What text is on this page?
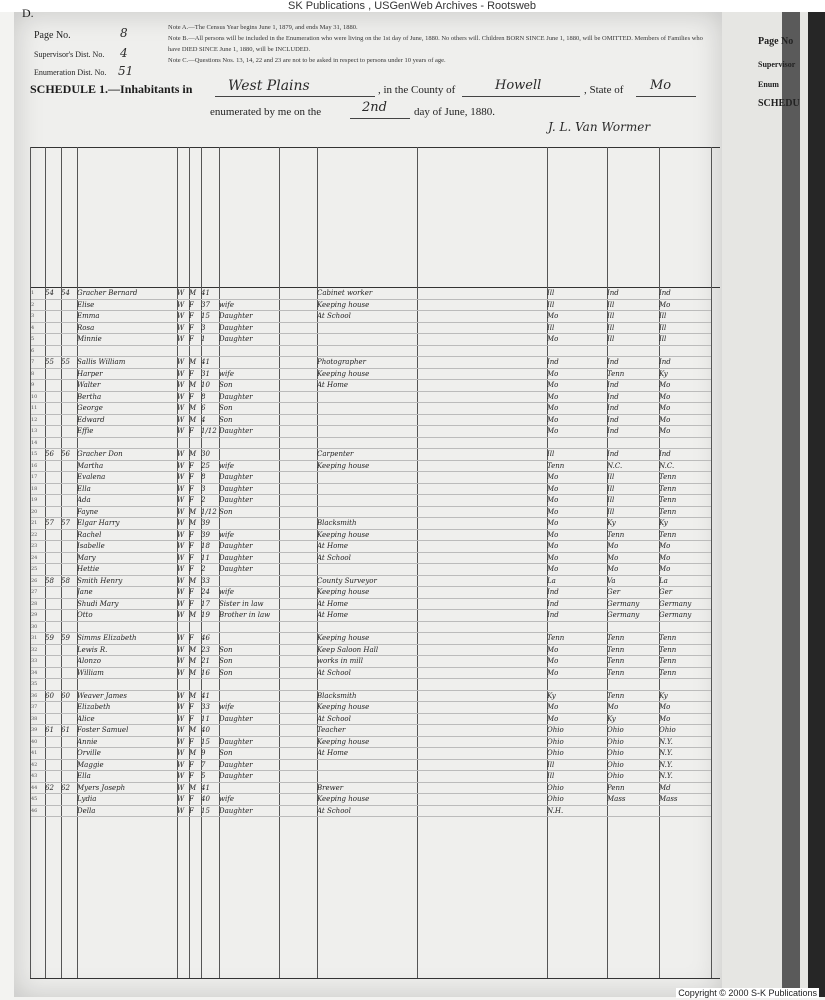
SK Publications , USGenWeb Archives - Rootsweb
Page No
Supervisor
Enum
SCHEDU
D.
Page No.	8
Supervisor's Dist. No. 4
Enumeration Dist. No. 51
Note A.—The Census Year begins June 1, 1879, and ends May 31, 1880.
Note B.—All persons will be included in the Enumeration who were living on the 1st day of June, 1880. No others will. Children BORN SINCE June 1, 1880, will be OMITTED. Members of Families who have DIED SINCE June 1, 1880, will be INCLUDED.
Note C.—Questions Nos. 13, 14, 22 and 23 are not to be asked in respect to persons under 10 years of age.
SCHEDULE 1.—Inhabitants in	West Plains	, in the County of	Howell	, State of Mo
enumerated by me on the	2nd day of June, 1880.
J. L. Van Wormer
1	54	54	Gracher Bernard	W	M	41			Cabinet worker		Ill	Ind	Ind
2			Elise	W	F	37	wife		Keeping house		Ill	Ill	Mo
3			Emma	W	F	15	Daughter		At School		Mo	Ill	Ill
4			Rosa	W	F	3	Daughter				Ill	Ill	Ill
5			Minnie	W	F	1	Daughter				Mo	Ill	Ill
6													
7	55	55	Sallis William	W	M	41			Photographer		Ind	Ind	Ind
8			Harper	W	F	31	wife		Keeping house		Mo	Tenn	Ky
9			Walter	W	M	10	Son		At Home		Mo	Ind	Mo
10			Bertha	W	F	8	Daughter				Mo	Ind	Mo
11			George	W	M	6	Son				Mo	Ind	Mo
12			Edward	W	M	4	Son				Mo	Ind	Mo
13			Effie	W	F	1/12	Daughter				Mo	Ind	Mo
14													
15	56	56	Gracher Don	W	M	30			Carpenter		Ill	Ind	Ind
16			Martha	W	F	25	wife		Keeping house		Tenn	N.C.	N.C.
17			Evalena	W	F	8	Daughter				Mo	Ill	Tenn
18			Ella	W	F	3	Daughter				Mo	Ill	Tenn
19			Ada	W	F	2	Daughter				Mo	Ill	Tenn
20			Fayne	W	M	1/12	Son				Mo	Ill	Tenn
21	57	57	Elgar Harry	W	M	39			Blacksmith		Mo	Ky	Ky
22			Rachel	W	F	39	wife		Keeping house		Mo	Tenn	Tenn
23			Isabelle	W	F	18	Daughter		At Home		Mo	Mo	Mo
24			Mary	W	F	11	Daughter		At School		Mo	Mo	Mo
25			Hettie	W	F	2	Daughter				Mo	Mo	Mo
26	58	58	Smith Henry	W	M	33			County Surveyor		La	Va	La
27			Jane	W	F	24	wife		Keeping house		Ind	Ger	Ger
28			Shudi Mary	W	F	17	Sister in law		At Home		Ind	Germany	Germany
29			Otto	W	M	19	Brother in law		At Home		Ind	Germany	Germany
30													
31	59	59	Simms Elizabeth	W	F	46			Keeping house		Tenn	Tenn	Tenn
32			Lewis R.	W	M	23	Son		Keep Saloon Hall		Mo	Tenn	Tenn
33			Alonzo	W	M	21	Son		works in mill		Mo	Tenn	Tenn
34			William	W	M	16	Son		At School		Mo	Tenn	Tenn
35													
36	60	60	Weaver James	W	M	41			Blacksmith		Ky	Tenn	Ky
37			Elizabeth	W	F	33	wife		Keeping house		Mo	Mo	Mo
38			Alice	W	F	11	Daughter		At School		Mo	Ky	Mo
39	61	61	Foster Samuel	W	M	40			Teacher		Ohio	Ohio	Ohio
40			Annie	W	F	15	Daughter		Keeping house		Ohio	Ohio	N.Y.
41			Orville	W	M	9	Son		At Home		Ohio	Ohio	N.Y.
42			Maggie	W	F	7	Daughter				Ill	Ohio	N.Y.
43			Ella	W	F	5	Daughter				Ill	Ohio	N.Y.
44	62	62	Myers Joseph	W	M	41			Brewer		Ohio	Penn	Md
45			Lydia	W	F	40	wife		Keeping house		Ohio	Mass	Mass
46			Della	W	F	15	Daughter		At School		N.H.		
Copyright © 2000 S-K Publications
